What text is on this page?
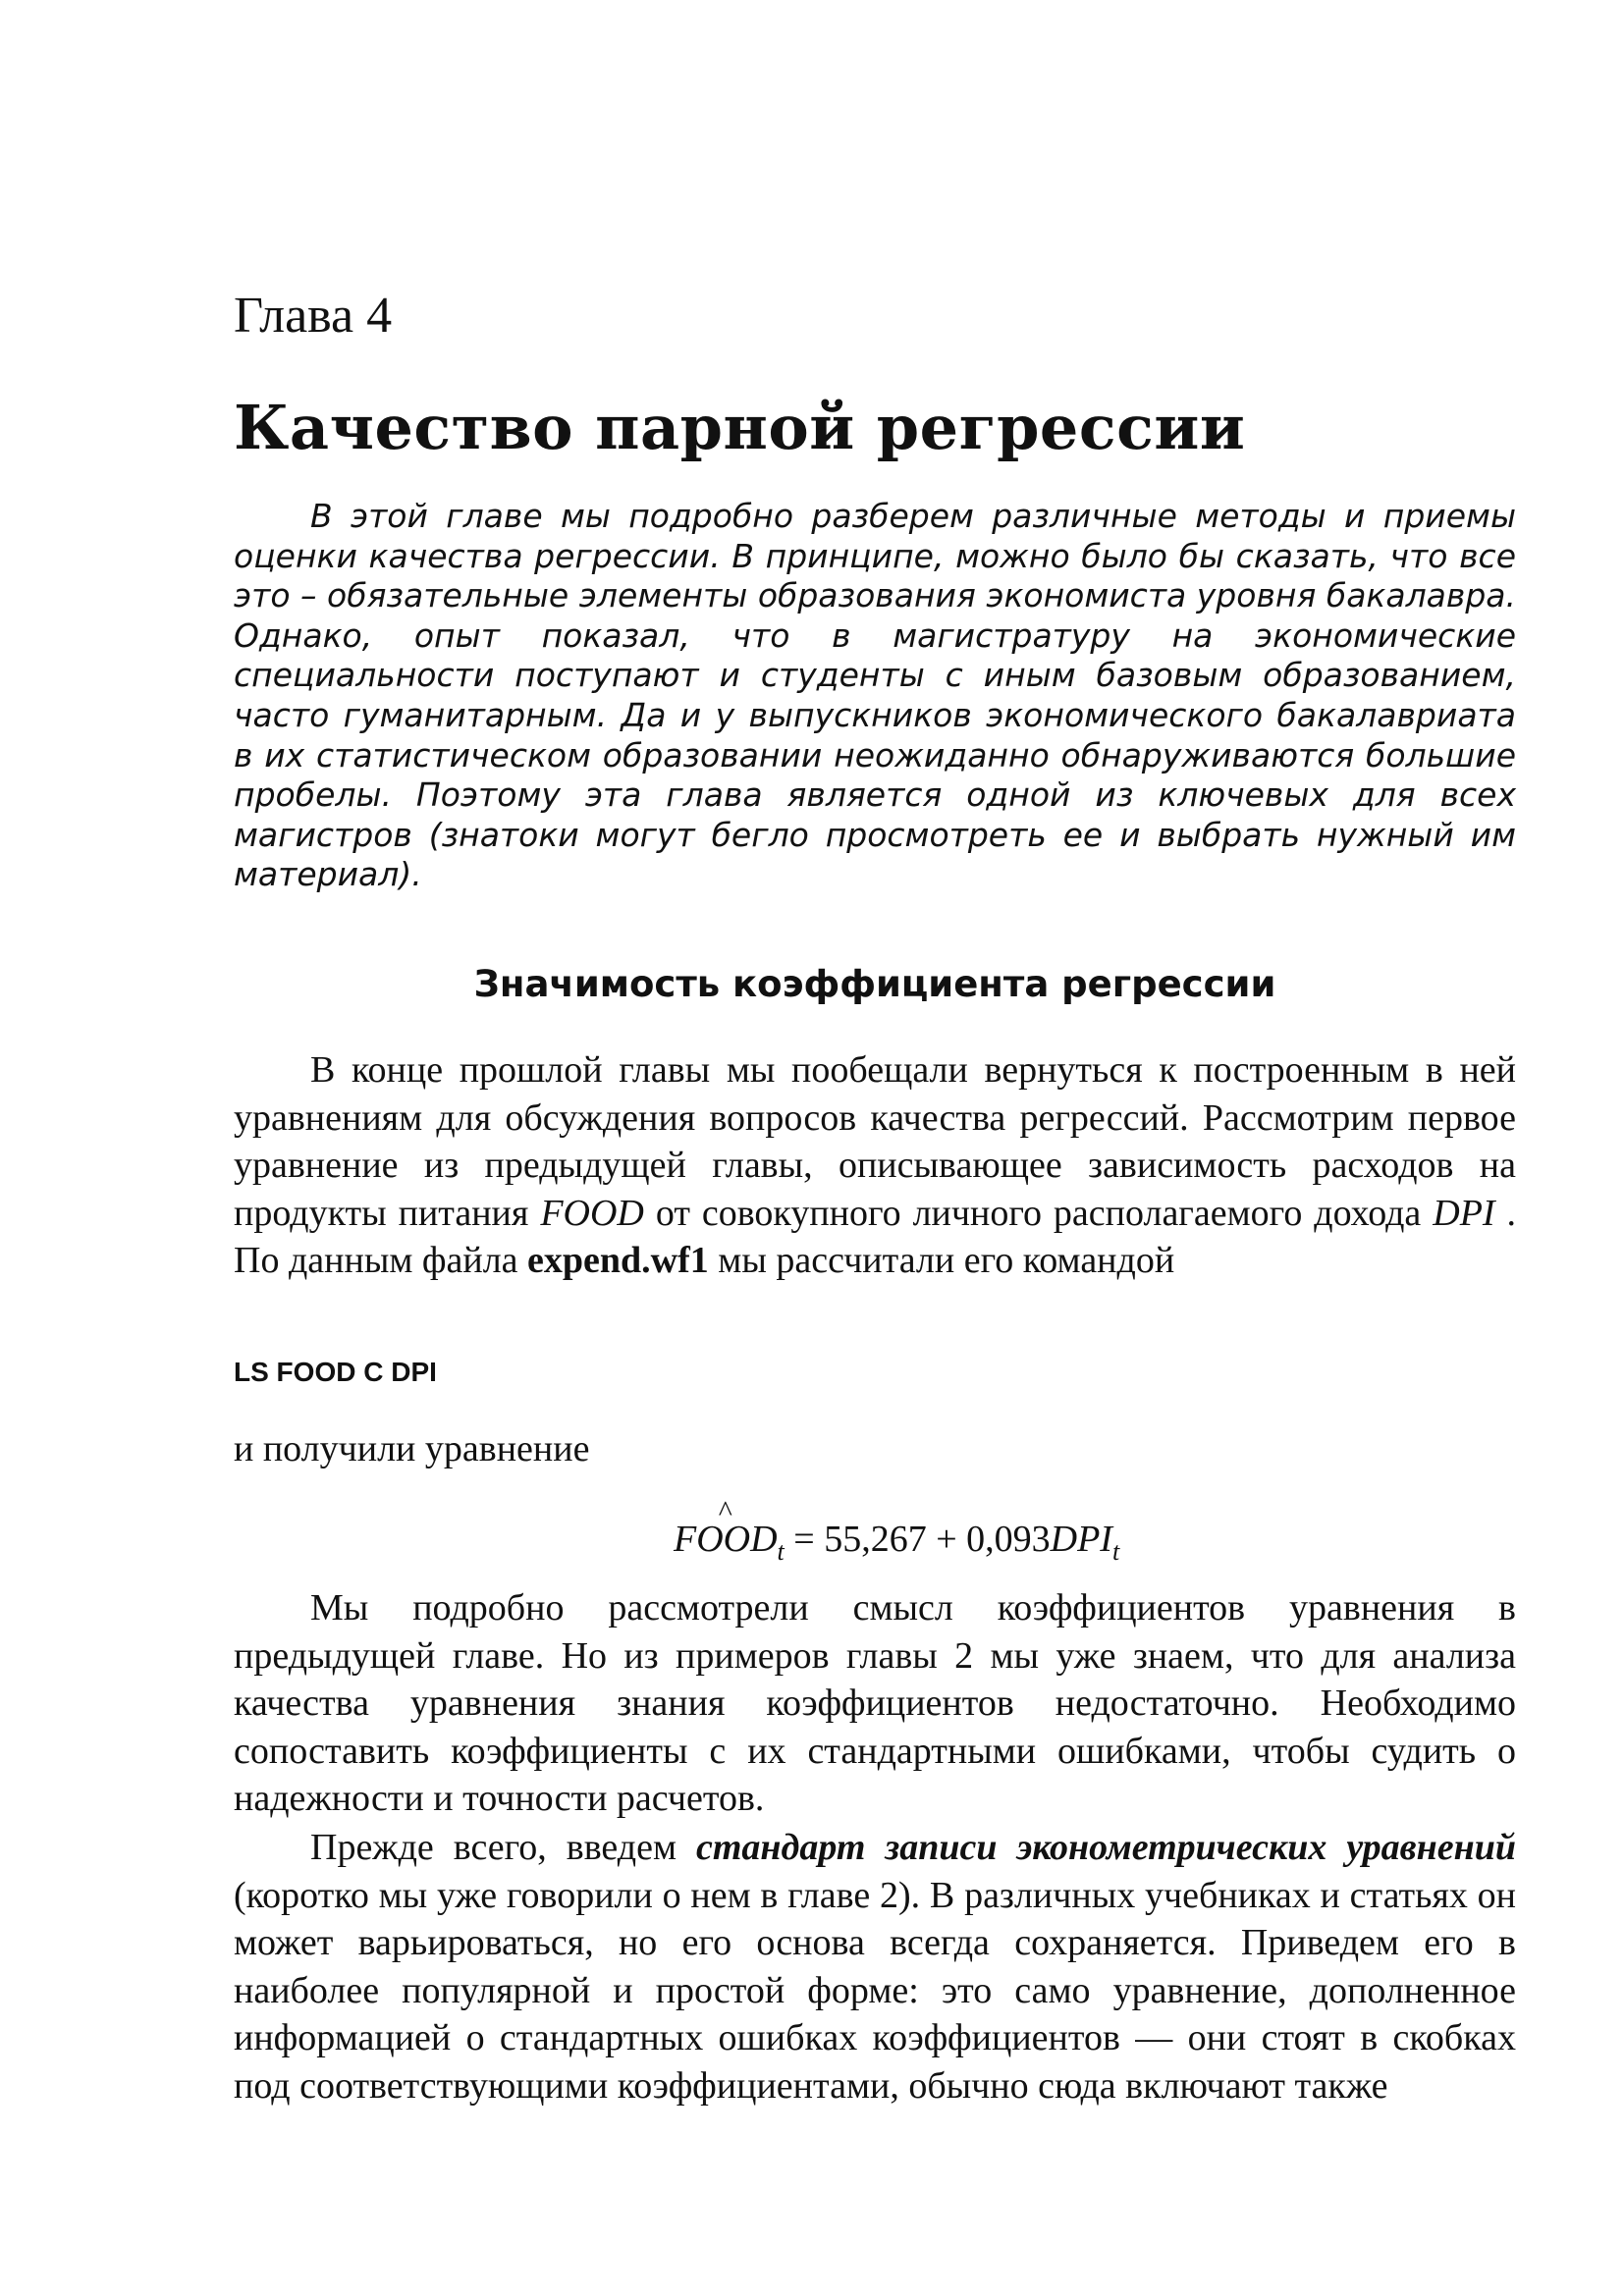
Глава 4
Качество парной регрессии

В этой главе мы подробно разберем различные методы и приемы оценки качества регрессии. В принципе, можно было бы сказать, что все это – обязательные элементы образования экономиста уровня бакалавра. Однако, опыт показал, что в магистратуру на экономические специальности поступают и студенты с иным базовым образованием, часто гуманитарным. Да и у выпускников экономического бакалавриата в их статистическом образовании неожиданно обнаруживаются большие пробелы. Поэтому эта глава является одной из ключевых для всех магистров (знатоки могут бегло просмотреть ее и выбрать нужный им материал).

Значимость коэффициента регрессии

В конце прошлой главы мы пообещали вернуться к построенным в ней уравнениям для обсуждения вопросов качества регрессий. Рассмотрим первое уравнение из предыдущей главы, описывающее зависимость расходов на продукты питания FOOD от совокупного личного располагаемого дохода DPI . По данным файла expend.wf1 мы рассчитали его командой

LS FOOD C DPI

и получили уравнение

^
$FOOD_t = 55,267 + 0,093DPI_t$

Мы подробно рассмотрели смысл коэффициентов уравнения в предыдущей главе. Но из примеров главы 2 мы уже знаем, что для анализа качества уравнения знания коэффициентов недостаточно. Необходимо сопоставить коэффициенты с их стандартными ошибками, чтобы судить о надежности и точности расчетов.

Прежде всего, введем стандарт записи эконометрических уравнений (коротко мы уже говорили о нем в главе 2). В различных учебниках и статьях он может варьироваться, но его основа всегда сохраняется. Приведем его в наиболее популярной и простой форме: это само уравнение, дополненное информацией о стандартных ошибках коэффициентов — они стоят в скобках под соответствующими коэффициентами, обычно сюда включают также
